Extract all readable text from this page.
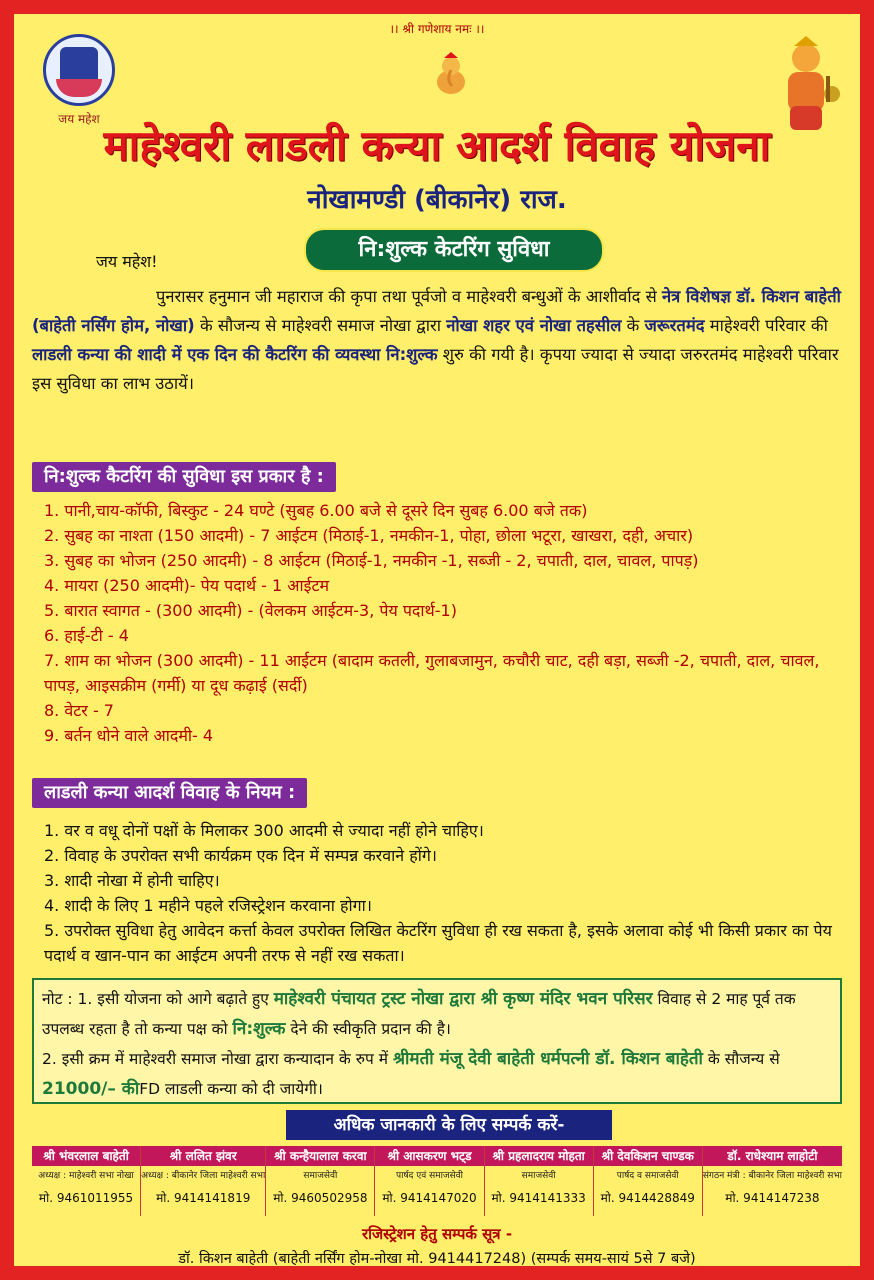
।। श्री गणेशाय नमः ।।
जय महेश
माहेश्वरी लाडली कन्या आदर्श विवाह योजना
नोखामण्डी (बीकानेर) राज.
नि:शुल्क केटरिंग सुविधा
जय महेश!
पुनरासर हनुमान जी महाराज की कृपा तथा पूर्वजो व माहेश्वरी बन्धुओं के आशीर्वाद से नेत्र विशेषज्ञ डॉ. किशन बाहेती (बाहेती नर्सिंग होम, नोखा) के सौजन्य से माहेश्वरी समाज नोखा द्वारा नोखा शहर एवं नोखा तहसील के जरूरतमंद माहेश्वरी परिवार की लाडली कन्या की शादी में एक दिन की कैटरिंग की व्यवस्था नि:शुल्क शुरु की गयी है। कृपया ज्यादा से ज्यादा जरुरतमंद माहेश्वरी परिवार इस सुविधा का लाभ उठायें।
नि:शुल्क कैटरिंग की सुविधा इस प्रकार है :
1. पानी,चाय-कॉफी, बिस्कुट - 24 घण्टे (सुबह 6.00 बजे से दूसरे दिन सुबह 6.00 बजे तक)
2. सुबह का नाश्ता (150 आदमी) - 7 आईटम (मिठाई-1, नमकीन-1, पोहा, छोला भटूरा, खाखरा, दही, अचार)
3. सुबह का भोजन (250 आदमी) - 8 आईटम (मिठाई-1, नमकीन -1, सब्जी - 2, चपाती, दाल, चावल, पापड़)
4. मायरा (250 आदमी)- पेय पदार्थ - 1 आईटम
5. बारात स्वागत - (300 आदमी) - (वेलकम आईटम-3, पेय पदार्थ-1)
6. हाई-टी - 4
7. शाम का भोजन (300 आदमी) - 11 आईटम (बादाम कतली, गुलाबजामुन, कचौरी चाट, दही बड़ा, सब्जी -2, चपाती, दाल, चावल, पापड़, आइसक्रीम (गर्मी) या दूध कढ़ाई (सर्दी)
8. वेटर - 7
9. बर्तन धोने वाले आदमी- 4
लाडली कन्या आदर्श विवाह के नियम :
1. वर व वधू दोनों पक्षों के मिलाकर 300 आदमी से ज्यादा नहीं होने चाहिए।
2. विवाह के उपरोक्त सभी कार्यक्रम एक दिन में सम्पन्न करवाने होंगे।
3. शादी नोखा में होनी चाहिए।
4. शादी के लिए 1 महीने पहले रजिस्ट्रेशन करवाना होगा।
5. उपरोक्त सुविधा हेतु आवेदन कर्त्ता केवल उपरोक्त लिखित केटरिंग सुविधा ही रख सकता है, इसके अलावा कोई भी किसी प्रकार का पेय पदार्थ व खान-पान का आईटम अपनी तरफ से नहीं रख सकता।
नोट : 1. इसी योजना को आगे बढ़ाते हुए माहेश्वरी पंचायत ट्रस्ट नोखा द्वारा श्री कृष्ण मंदिर भवन परिसर विवाह से 2 माह पूर्व तक उपलब्ध रहता है तो कन्या पक्ष को नि:शुल्क देने की स्वीकृति प्रदान की है।
2. इसी क्रम में माहेश्वरी समाज नोखा द्वारा कन्यादान के रुप में श्रीमती मंजू देवी बाहेती धर्मपत्नी डॉ. किशन बाहेती के सौजन्य से 21000/– कीFD लाडली कन्या को दी जायेगी।
अधिक जानकारी के लिए सम्पर्क करें-
श्री भंवरलाल बाहेती
अध्यक्ष : माहेश्वरी सभा नोखा
मो. 9461011955
श्री ललित झंवर
अध्यक्ष : बीकानेर जिला माहेश्वरी सभा
मो. 9414141819
श्री कन्हैयालाल करवा
समाजसेवी
मो. 9460502958
श्री आसकरण भट्‌ड
पार्षद एवं समाजसेवी
मो. 9414147020
श्री प्रहलादराय मोहता
समाजसेवी
मो. 9414141333
श्री देवकिशन चाण्डक
पार्षद व समाजसेवी
मो. 9414428849
डॉ. राधेश्याम लाहोटी
संगठन मंत्री : बीकानेर जिला माहेश्वरी सभा
मो. 9414147238
रजिस्ट्रेशन हेतु सम्पर्क सूत्र -
डॉ. किशन बाहेती (बाहेती नर्सिंग होम-नोखा मो. 9414417248) (सम्पर्क समय-सायं 5से 7 बजे)
